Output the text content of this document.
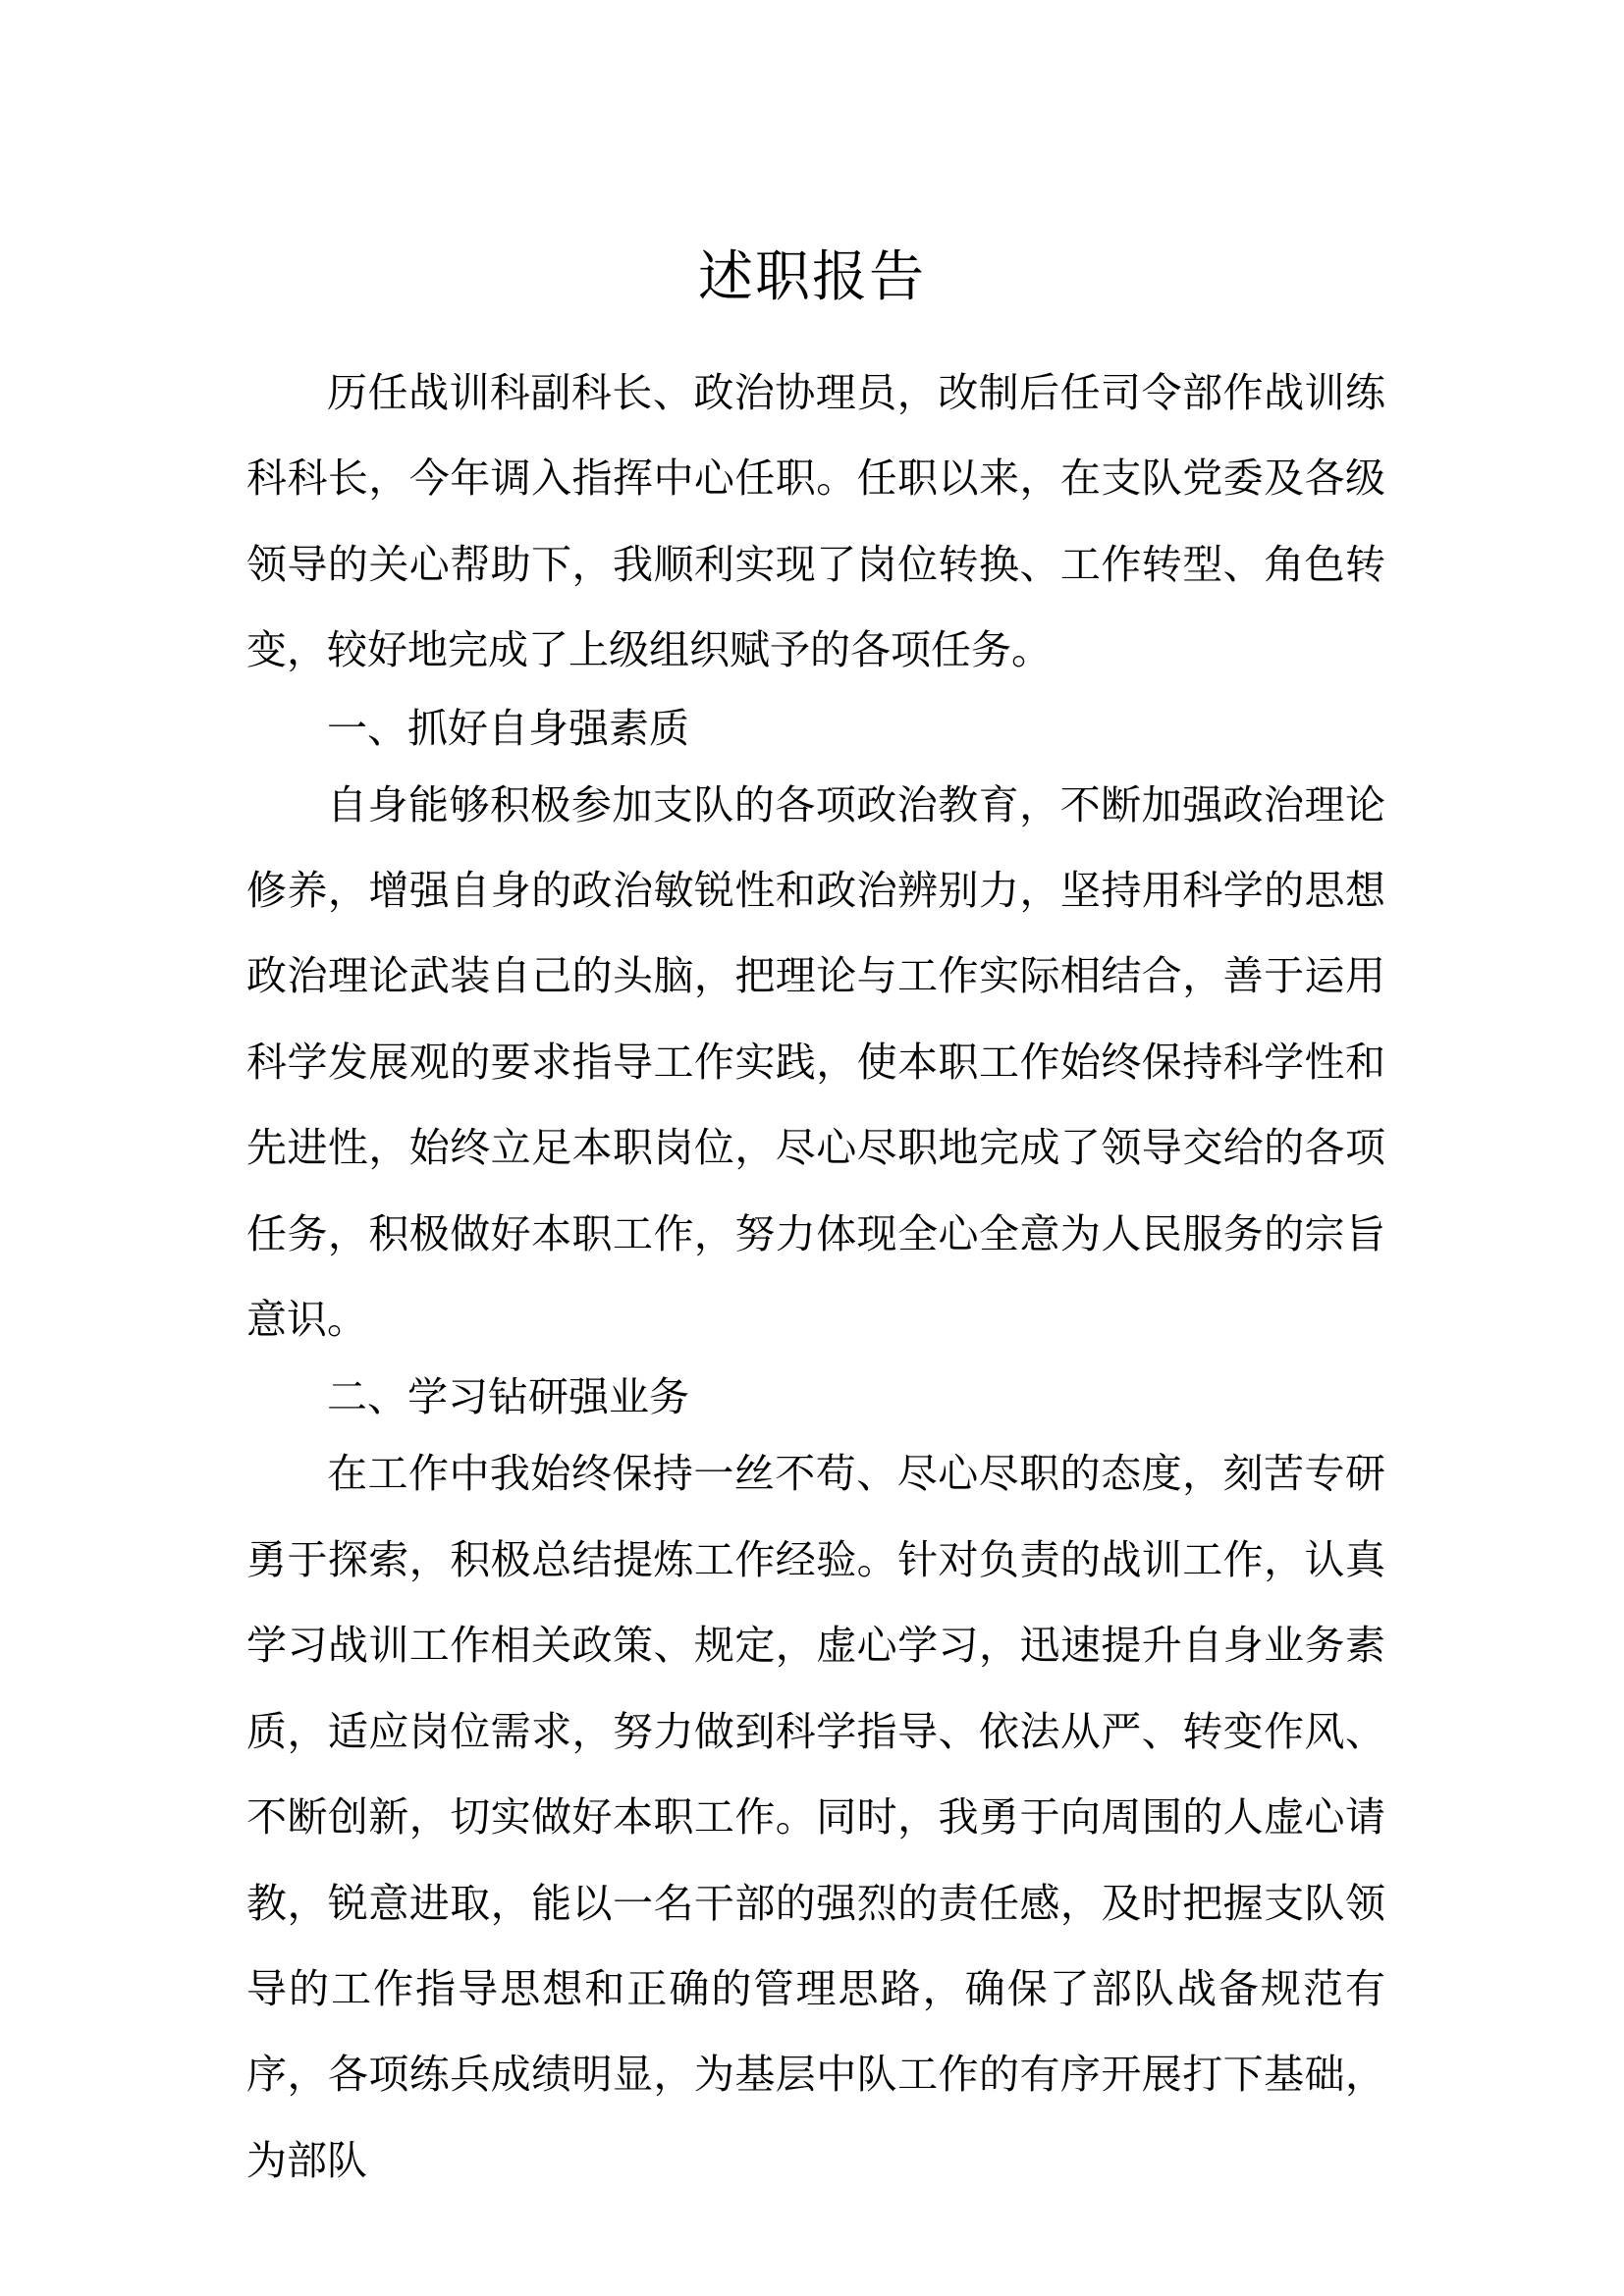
述职报告

历任战训科副科长、政治协理员，改制后任司令部作战训练科科长，今年调入指挥中心任职。任职以来，在支队党委及各级领导的关心帮助下，我顺利实现了岗位转换、工作转型、角色转变，较好地完成了上级组织赋予的各项任务。

一、抓好自身强素质

自身能够积极参加支队的各项政治教育，不断加强政治理论修养，增强自身的政治敏锐性和政治辨别力，坚持用科学的思想政治理论武装自己的头脑，把理论与工作实际相结合，善于运用科学发展观的要求指导工作实践，使本职工作始终保持科学性和先进性，始终立足本职岗位，尽心尽职地完成了领导交给的各项任务，积极做好本职工作，努力体现全心全意为人民服务的宗旨意识。

二、学习钻研强业务

在工作中我始终保持一丝不苟、尽心尽职的态度，刻苦专研勇于探索，积极总结提炼工作经验。针对负责的战训工作，认真学习战训工作相关政策、规定，虚心学习，迅速提升自身业务素质，适应岗位需求，努力做到科学指导、依法从严、转变作风、不断创新，切实做好本职工作。同时，我勇于向周围的人虚心请教，锐意进取，能以一名干部的强烈的责任感，及时把握支队领导的工作指导思想和正确的管理思路，确保了部队战备规范有序，各项练兵成绩明显，为基层中队工作的有序开展打下基础，为部队
